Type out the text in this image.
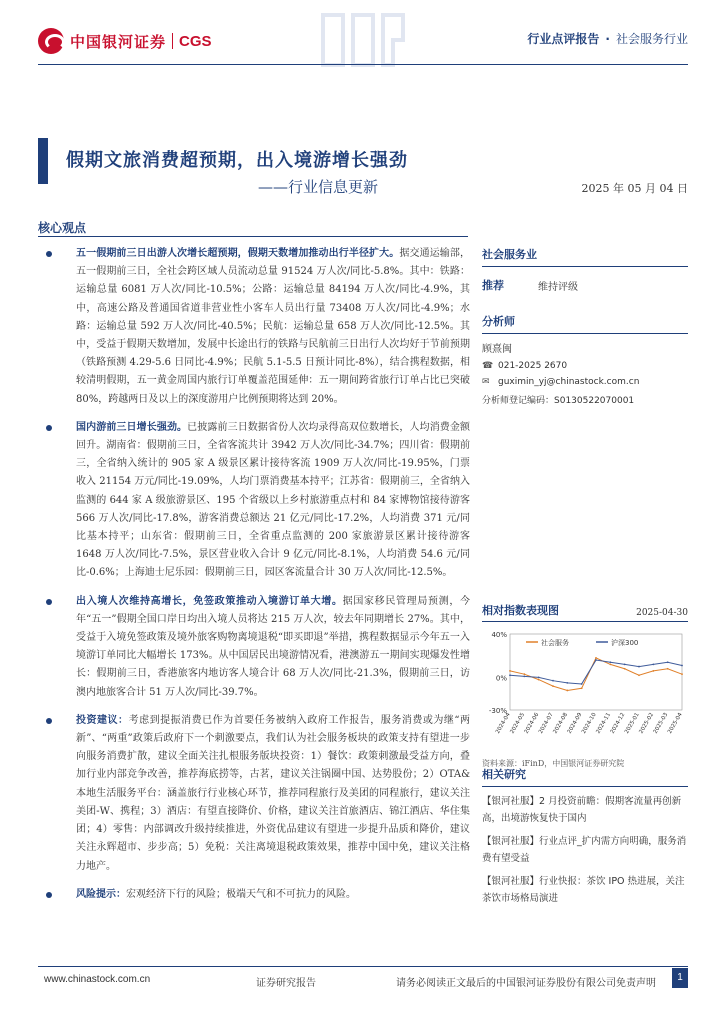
中国银河证券 CGS	行业点评报告 · 社会服务行业
假期文旅消费超预期，出入境游增长强劲
——行业信息更新	2025 年 05 月 04 日
核心观点
五一假期前三日出游人次增长超预期，假期天数增加推动出行半径扩大。据交通运输部，五一假期前三日，全社会跨区域人员流动总量 91524 万人次/同比-5.8%。其中：铁路：运输总量 6081 万人次/同比-10.5%；公路：运输总量 84194 万人次/同比-4.9%，其中，高速公路及普通国省道非营业性小客车人员出行量 73408 万人次/同比-4.9%；水路：运输总量 592 万人次/同比-40.5%；民航：运输总量 658 万人次/同比-12.5%。其中，受益于假期天数增加，发展中长途出行的铁路与民航前三日出行人次均好于节前预期（铁路预测 4.29-5.6 日同比-4.9%；民航 5.1-5.5 日预计同比-8%），结合携程数据，相较清明假期，五一黄金周国内旅行订单覆盖范围延伸：五一期间跨省旅行订单占比已突破 80%，跨越两日及以上的深度游用户比例预期将达到 20%。
国内游前三日增长强劲。已披露前三日数据省份人次均录得高双位数增长，人均消费金额回升。湖南省：假期前三日，全省客流共计 3942 万人次/同比-34.7%；四川省：假期前三，全省纳入统计的 905 家 A 级景区累计接待客流 1909 万人次/同比-19.95%，门票收入 21154 万元/同比-19.09%，人均门票消费基本持平；江苏省：假期前三，全省纳入监测的 644 家 A 级旅游景区、195 个省级以上乡村旅游重点村和 84 家博物馆接待游客 566 万人次/同比-17.8%，游客消费总额达 21 亿元/同比-17.2%，人均消费 371 元/同比基本持平；山东省：假期前三日，全省重点监测的 200 家旅游景区累计接待游客 1648 万人次/同比-7.5%，景区营业收入合计 9 亿元/同比-8.1%，人均消费 54.6 元/同比-0.6%；上海迪士尼乐园：假期前三日，园区客流量合计 30 万人次/同比-12.5%。
出入境人次维持高增长，免签政策推动入境游订单大增。据国家移民管理局预测，今年“五一”假期全国口岸日均出入境人员将达 215 万人次，较去年同期增长 27%。其中，受益于入境免签政策及境外旅客购物离境退税“即买即退”举措，携程数据显示今年五一入境游订单同比大幅增长 173%。从中国居民出境游情况看，港澳游五一期间实现爆发性增长：假期前三日，香港旅客内地访客人境合计 68 万人次/同比-21.3%，假期前三日，访澳内地旅客合计 51 万人次/同比-39.7%。
投资建议：考虑到提振消费已作为首要任务被纳入政府工作报告，服务消费或为继“两新”、“两重”政策后政府下一个刺激要点，我们认为社会服务板块的政策支持有望进一步向服务消费扩散，建议全面关注扎根服务版块投资：1）餐饮：政策刺激最受益方向，叠加行业内部竞争改善，推荐海底捞等，古茗，建议关注锅圈中国、达势股份；2）OTA&本地生活服务平台：涵盖旅行行业核心环节，推荐同程旅行及美团的同程旅行，建议关注美团-W、携程；3）酒店：有望直接降价、价格，建议关注首旅酒店、锦江酒店、华住集团；4）零售：内部调改升级持续推进，外资优品建议有望进一步提升品质和降价，建议关注永辉超市、步步高；5）免税：关注离境退税政策效果，推荐中国中免，建议关注格力地产。
风险提示：宏观经济下行的风险；极端天气和不可抗力的风险。
社会服务业
推荐	维持评级
分析师
顾熹闽
☎ 021-2025 2670
✉ guximin_yj@chinastock.com.cn
分析师登记编码：S0130522070001
相对指数表现图	2025-04-30
40%
0%
-30%
2024-04
2024-05
2024-06
2024-07
2024-08
2024-09
2024-10
2024-11
2024-12
2025-01
2025-02
2025-03
2025-04
社会服务	沪深300
资料来源：iFinD，中国银河证券研究院
相关研究
【银河社服】2 月投资前瞻：假期客流量再创新高，出境游恢复快于国内
【银河社服】行业点评_扩内需方向明确，服务消费有望受益
【银河社服】行业快报：茶饮 IPO 热进展，关注茶饮市场格局演进
www.chinastock.com.cn	证券研究报告	请务必阅读正文最后的中国银河证券股份有限公司免责声明
1
